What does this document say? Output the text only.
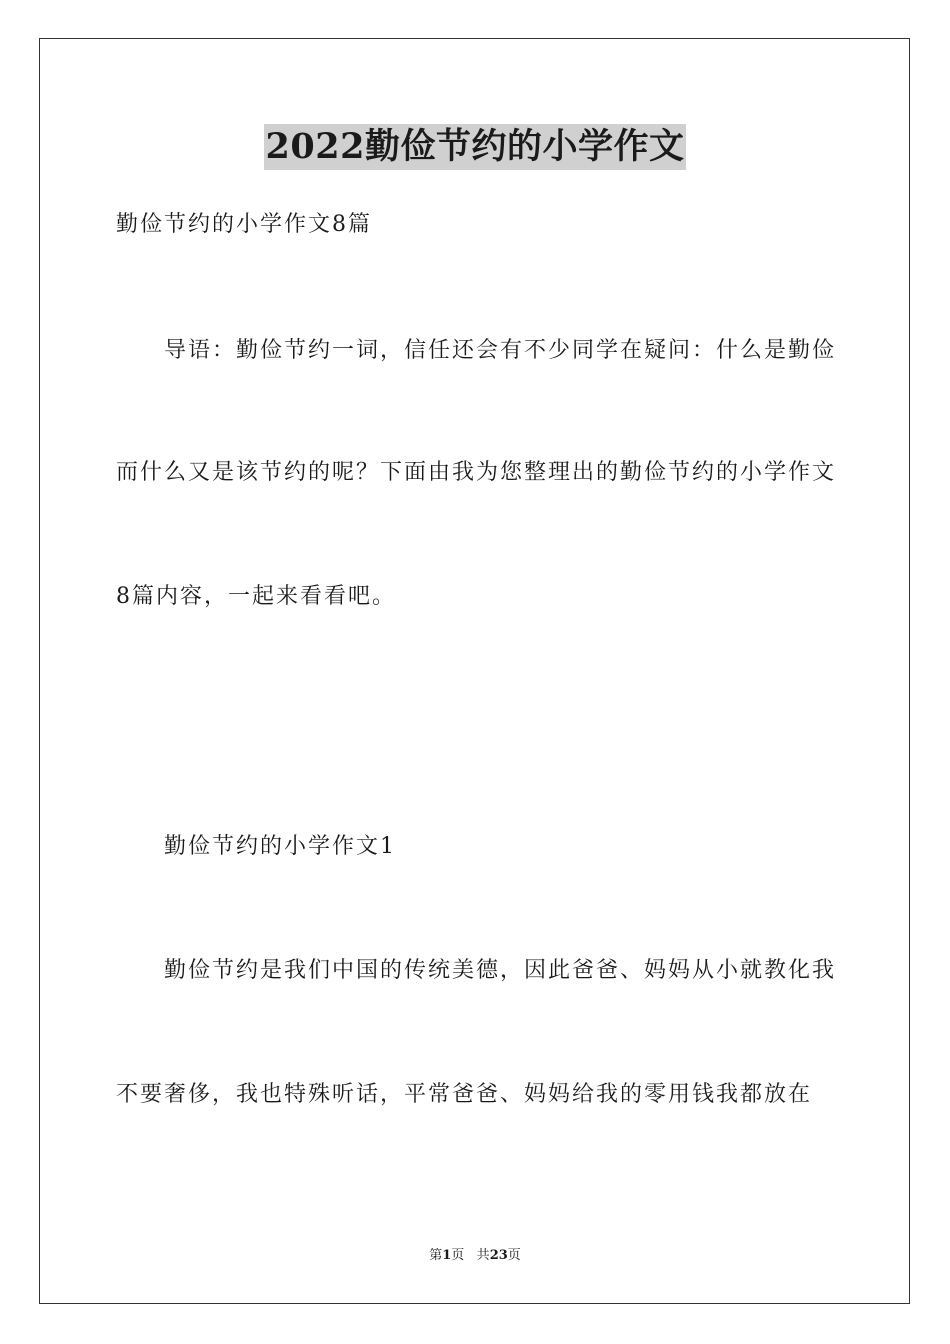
2022勤俭节约的小学作文
勤俭节约的小学作文8篇
导语：勤俭节约一词，信任还会有不少同学在疑问：什么是勤俭
而什么又是该节约的呢？下面由我为您整理出的勤俭节约的小学作文
8篇内容，一起来看看吧。
勤俭节约的小学作文1
勤俭节约是我们中国的传统美德，因此爸爸、妈妈从小就教化我
不要奢侈，我也特殊听话，平常爸爸、妈妈给我的零用钱我都放在
第1页 共23页
